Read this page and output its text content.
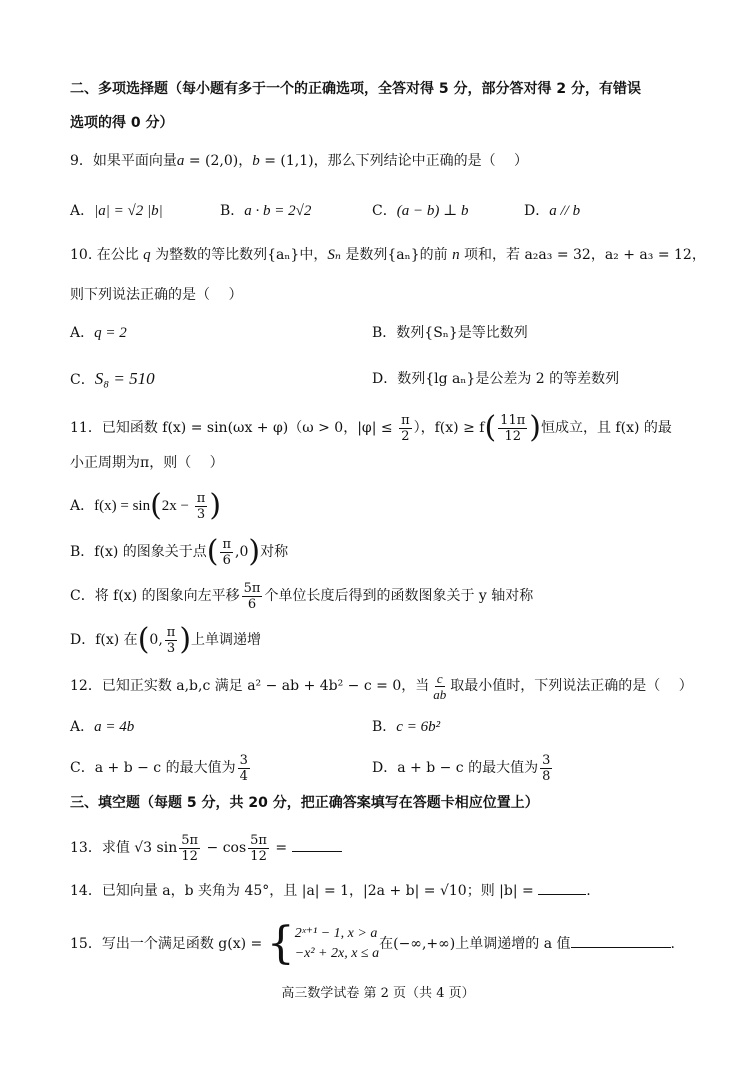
二、多项选择题（每小题有多于一个的正确选项，全答对得 5 分，部分答对得 2 分，有错误
选项的得 0 分）
9．如果平面向量a = (2,0)，b = (1,1)，那么下列结论中正确的是（　 ）
A．|a| = √2 |b|	B．a · b = 2√2	C．(a − b) ⊥ b	D．a // b
10. 在公比 q 为整数的等比数列{aₙ}中，Sₙ 是数列{aₙ}的前 n 项和，若 a₂a₃ = 32，a₂ + a₃ = 12，
则下列说法正确的是（　 ）
A．q = 2	B．数列{Sₙ}是等比数列
C．S₈ = 510	D．数列{lg aₙ}是公差为 2 的等差数列
11．已知函数 f(x) = sin(ωx + φ)（ω > 0，$|\varphi| \le \frac{\pi}{2}$ ），$f(x) \ge f( \frac{11\pi}{12}$ )恒成立，且 f(x) 的最
小正周期为π，则（　 ）
A．$f(x) = \sin(2x - \frac{\pi}{3}$ )
B．f(x) 的图象关于点( $\frac{\pi}{6} ,0$)对称
C．将 f(x) 的图象向左平移 $\frac{5\pi}{6}$ 个单位长度后得到的函数图象关于 y 轴对称
D．f(x) 在(0, $\frac{\pi}{3}$ )上单调递增
12．已知正实数 a,b,c 满足 a² − ab + 4b² − c = 0，当 $\frac{c}{ab}$ 取最小值时，下列说法正确的是（　 ）
A．a = 4b	B．c = 6b²
C．a + b − c 的最大值为 $\frac{3}{4}$	D．a + b − c 的最大值为 $\frac{3}{8}$
三、填空题（每题 5 分，共 20 分，把正确答案填写在答题卡相应位置上）
13．求值 √3 $\sin \frac{5\pi}{12} - \cos \frac{5\pi}{12}$ =
14．已知向量 a，b 夹角为 45°，且 |a| = 1，|2a + b| = √10；则 |b| =	.
15．写出一个满足函数 g(x) = { 2ˣ⁺¹ − 1, x > a
−x² + 2x, x ≤ a
在(−∞,+∞)上单调递增的 a 值	.
高三数学试卷 第 2 页（共 4 页）
